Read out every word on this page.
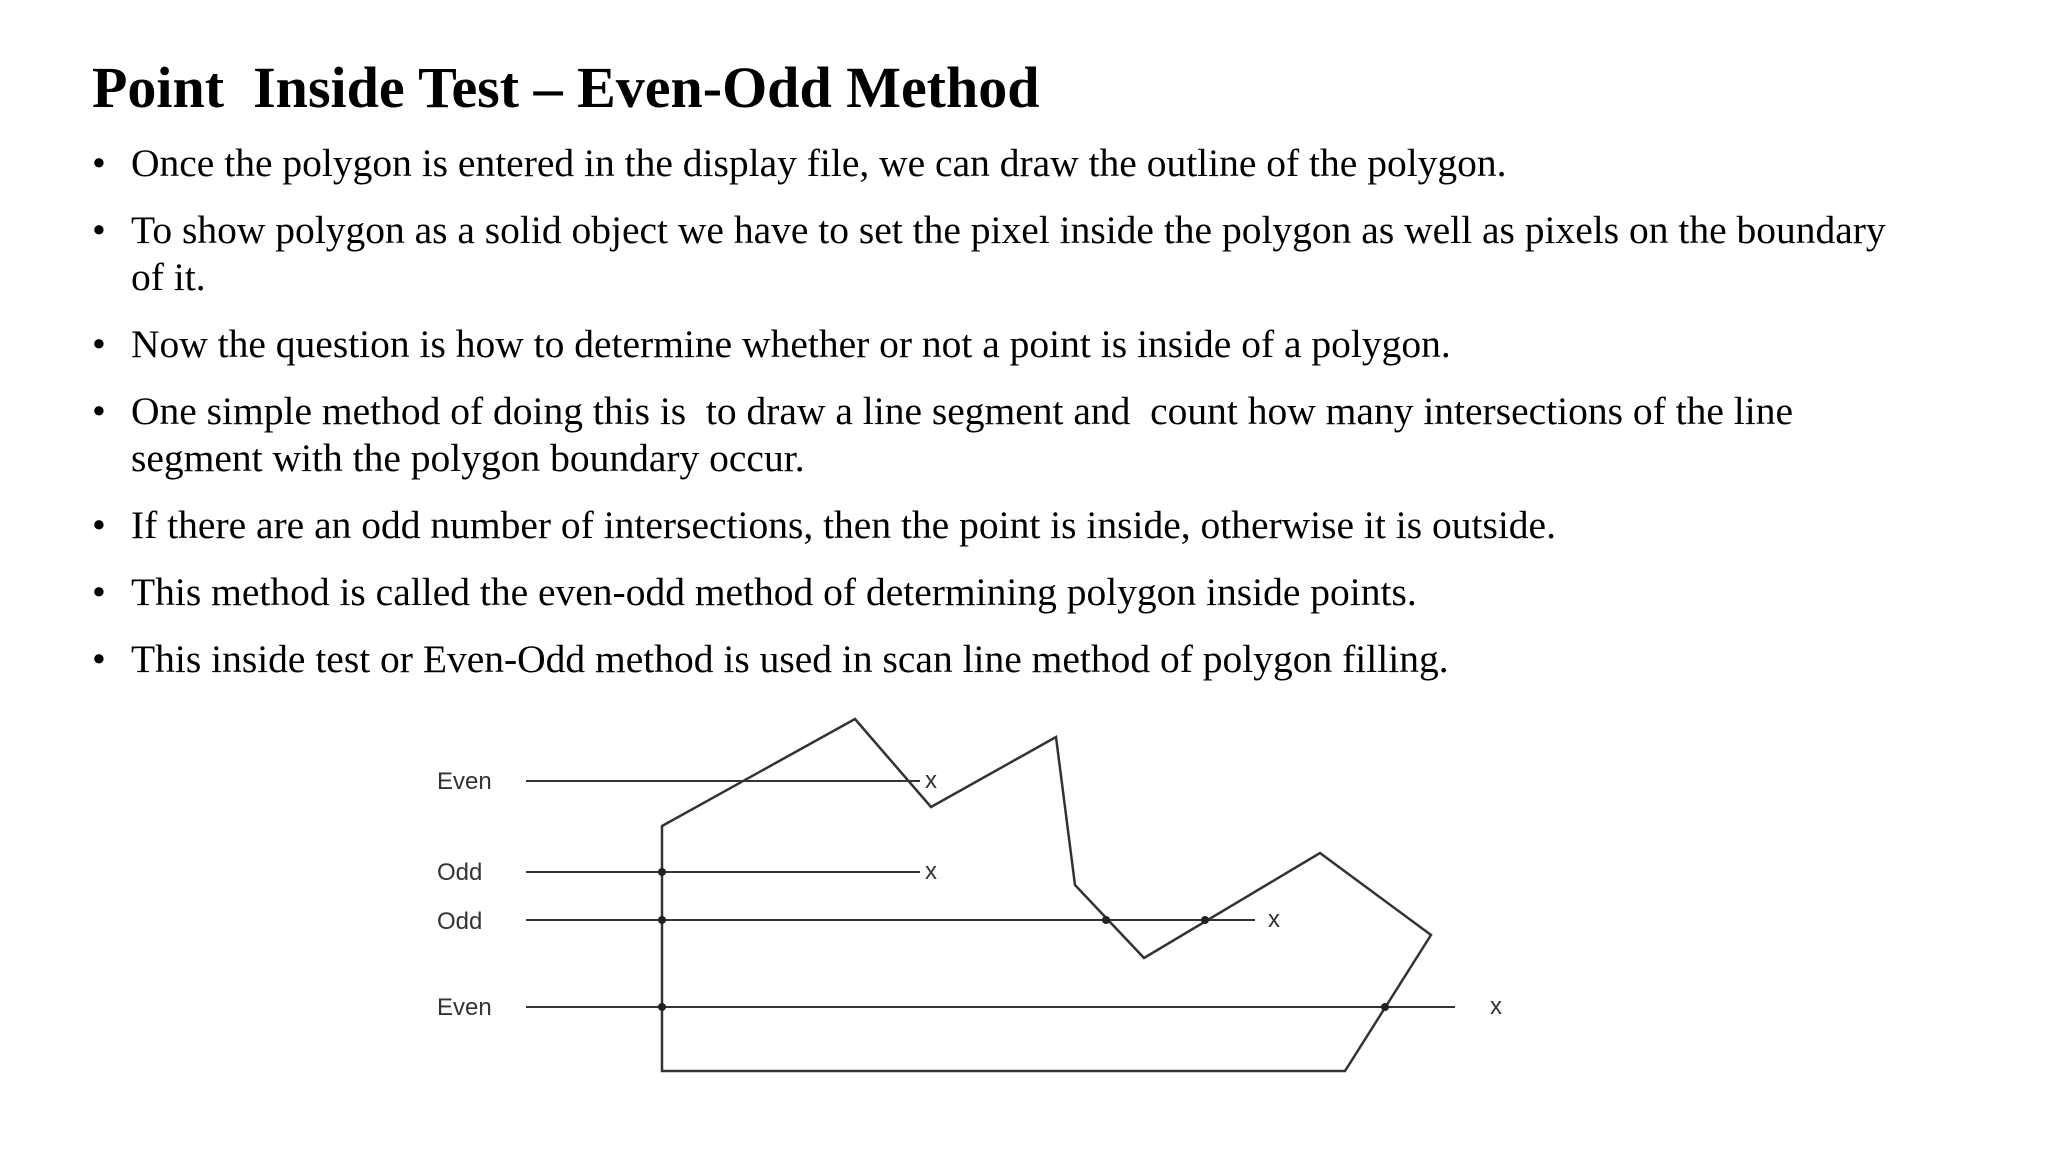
Point  Inside Test – Even-Odd Method
• Once the polygon is entered in the display file, we can draw the outline of the polygon.
• To show polygon as a solid object we have to set the pixel inside the polygon as well as pixels on the boundary of it.
• Now the question is how to determine whether or not a point is inside of a polygon.
• One simple method of doing this is  to draw a line segment and  count how many intersections of the line segment with the polygon boundary occur.
• If there are an odd number of intersections, then the point is inside, otherwise it is outside.
• This method is called the even-odd method of determining polygon inside points.
• This inside test or Even-Odd method is used in scan line method of polygon filling.
Even
Odd
Odd
Even
x
x
x
x
